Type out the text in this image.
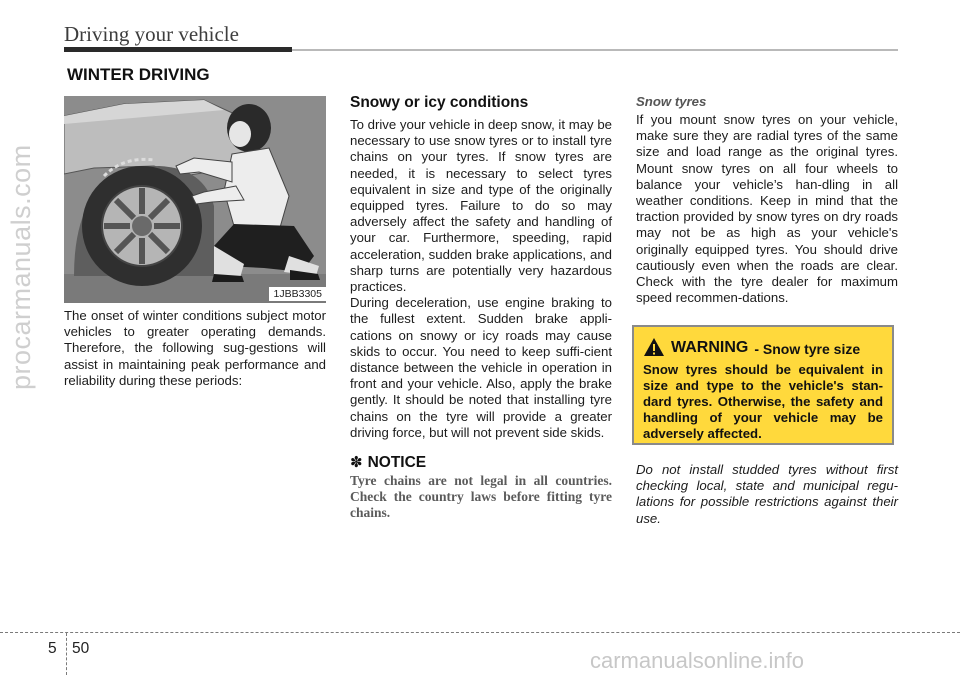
Driving your vehicle
WINTER DRIVING
procarmanuals.com	1JBB3305

The onset of winter conditions subject motor vehicles to greater operating demands. Therefore, the following sug-gestions will assist in maintaining peak performance and reliability during these periods:

Snowy or icy conditions

To drive your vehicle in deep snow, it may be necessary to use snow tyres or to install tyre chains on your tyres. If snow tyres are needed, it is necessary to select tyres equivalent in size and type of the originally equipped tyres. Failure to do so may adversely affect the safety and handling of your car. Furthermore, speeding, rapid acceleration, sudden brake applications, and sharp turns are potentially very hazardous practices.

During deceleration, use engine braking to the fullest extent. Sudden brake appli-cations on snowy or icy roads may cause skids to occur. You need to keep suffi-cient distance between the vehicle in operation in front and your vehicle. Also, apply the brake gently. It should be noted that installing tyre chains on the tyre will provide a greater driving force, but will not prevent side skids.

✽ NOTICE

Tyre chains are not legal in all countries. Check the country laws before fitting tyre chains.

Snow tyres

If you mount snow tyres on your vehicle, make sure they are radial tyres of the same size and load range as the original tyres. Mount snow tyres on all four wheels to balance your vehicle’s han-dling in all weather conditions. Keep in mind that the traction provided by snow tyres on dry roads may not be as high as your vehicle's originally equipped tyres. You should drive cautiously even when the roads are clear. Check with the tyre dealer for maximum speed recommen-dations.

WARNING - Snow tyre size

Snow tyres should be equivalent in size and type to the vehicle's stan-dard tyres. Otherwise, the safety and handling of your vehicle may be adversely affected.

Do not install studded tyres without first checking local, state and municipal regu-lations for possible restrictions against their use.

5 50	carmanualsonline.info
